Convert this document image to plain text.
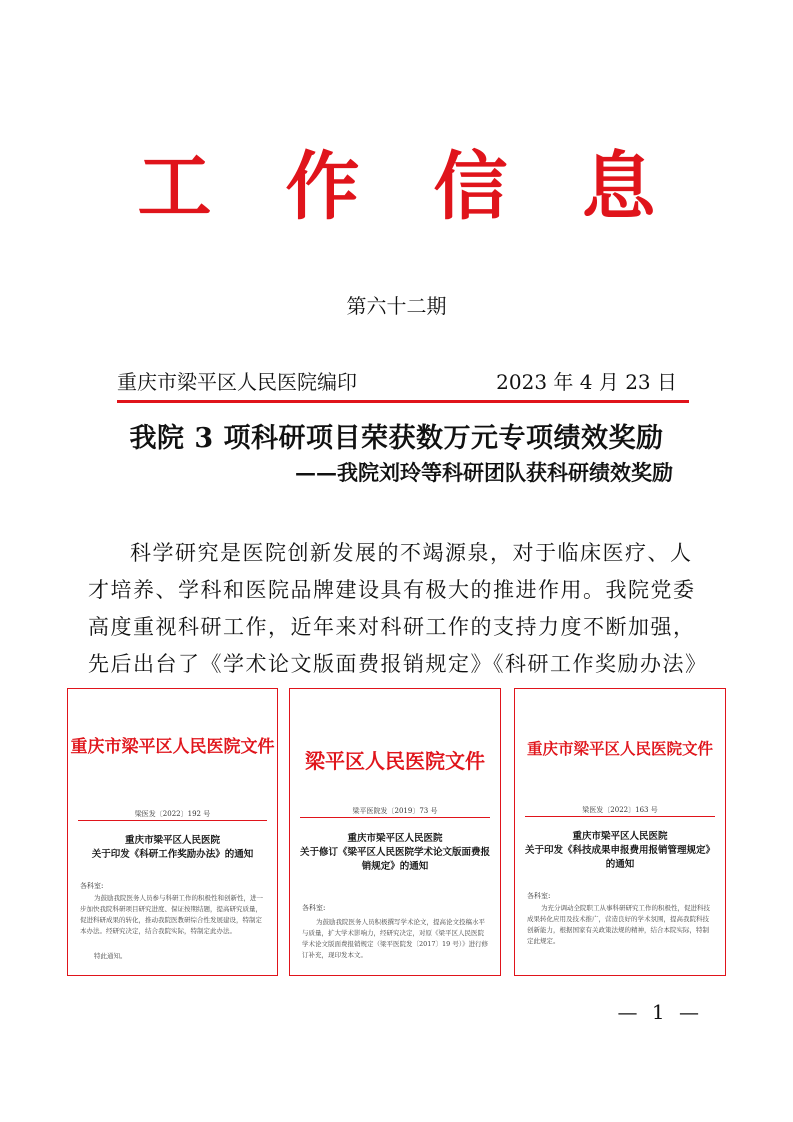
工作信息
第六十二期
重庆市梁平区人民医院编印	2023 年 4 月 23 日
我院 3 项科研项目荣获数万元专项绩效奖励
——我院刘玲等科研团队获科研绩效奖励

科学研究是医院创新发展的不竭源泉，对于临床医疗、人才培养、学科和医院品牌建设具有极大的推进作用。我院党委高度重视科研工作，近年来对科研工作的支持力度不断加强，先后出台了《学术论文版面费报销规定》《科研工作奖励办法》

重庆市梁平区人民医院文件
梁医发〔2022〕192 号
重庆市梁平区人民医院
关于印发《科研工作奖励办法》的通知
各科室:
为鼓励我院医务人员参与科研工作的积极性和创新性，进一步加快我院科研项目研究进度、保证按期结题，提高研究质量，促进科研成果的转化，推动我院医教研综合性发展建设，特制定本办法。经研究决定，结合我院实际，特制定此办法。
特此通知。
梁平区人民医院文件
梁平医院发〔2019〕73 号
重庆市梁平区人民医院
关于修订《梁平区人民医院学术论文版面费报销规定》的通知
各科室:
为鼓励我院医务人员积极撰写学术论文，提高论文投稿水平与质量，扩大学术影响力，经研究决定，对原《梁平区人民医院学术论文版面费报销规定（梁平医院发〔2017〕19 号）》进行修订补充，现印发本文。
重庆市梁平区人民医院文件
梁医发〔2022〕163 号
重庆市梁平区人民医院
关于印发《科技成果申报费用报销管理规定》的通知
各科室:
为充分调动全院职工从事科研研究工作的积极性，促进科技成果转化应用及技术推广，营造良好的学术氛围，提高我院科技创新能力，根据国家有关政策法规的精神，结合本院实际，特制定此规定。
— 1 —
